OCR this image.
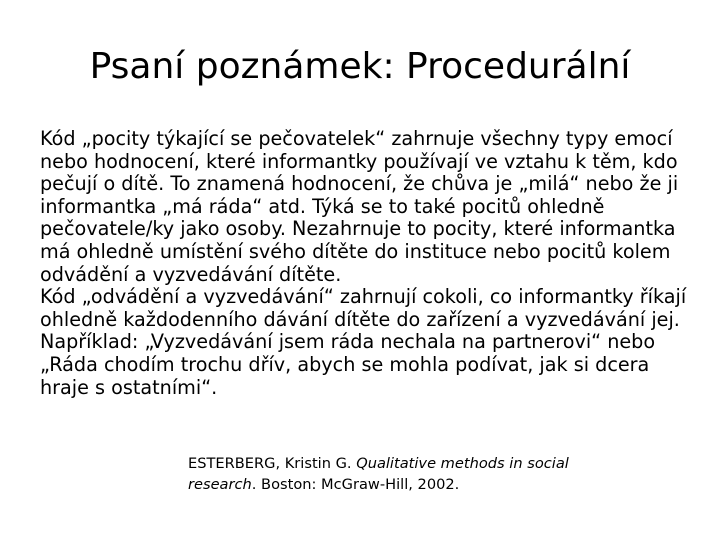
Psaní poznámek: Procedurální

Kód „pocity týkající se pečovatelek“ zahrnuje všechny typy emocí nebo hodnocení, které informantky používají ve vztahu k těm, kdo pečují o dítě. To znamená hodnocení, že chůva je „milá“ nebo že ji informantka „má ráda“ atd. Týká se to také pocitů ohledně pečovatele/ky jako osoby. Nezahrnuje to pocity, které informantka má ohledně umístění svého dítěte do instituce nebo pocitů kolem odvádění a vyzvedávání dítěte.

Kód „odvádění a vyzvedávání“ zahrnují cokoli, co informantky říkají ohledně každodenního dávání dítěte do zařízení a vyzvedávání jej. Například: „Vyzvedávání jsem ráda nechala na partnerovi“ nebo „Ráda chodím trochu dřív, abych se mohla podívat, jak si dcera hraje s ostatními“.

ESTERBERG, Kristin G. Qualitative methods in social research. Boston: McGraw-Hill, 2002.
